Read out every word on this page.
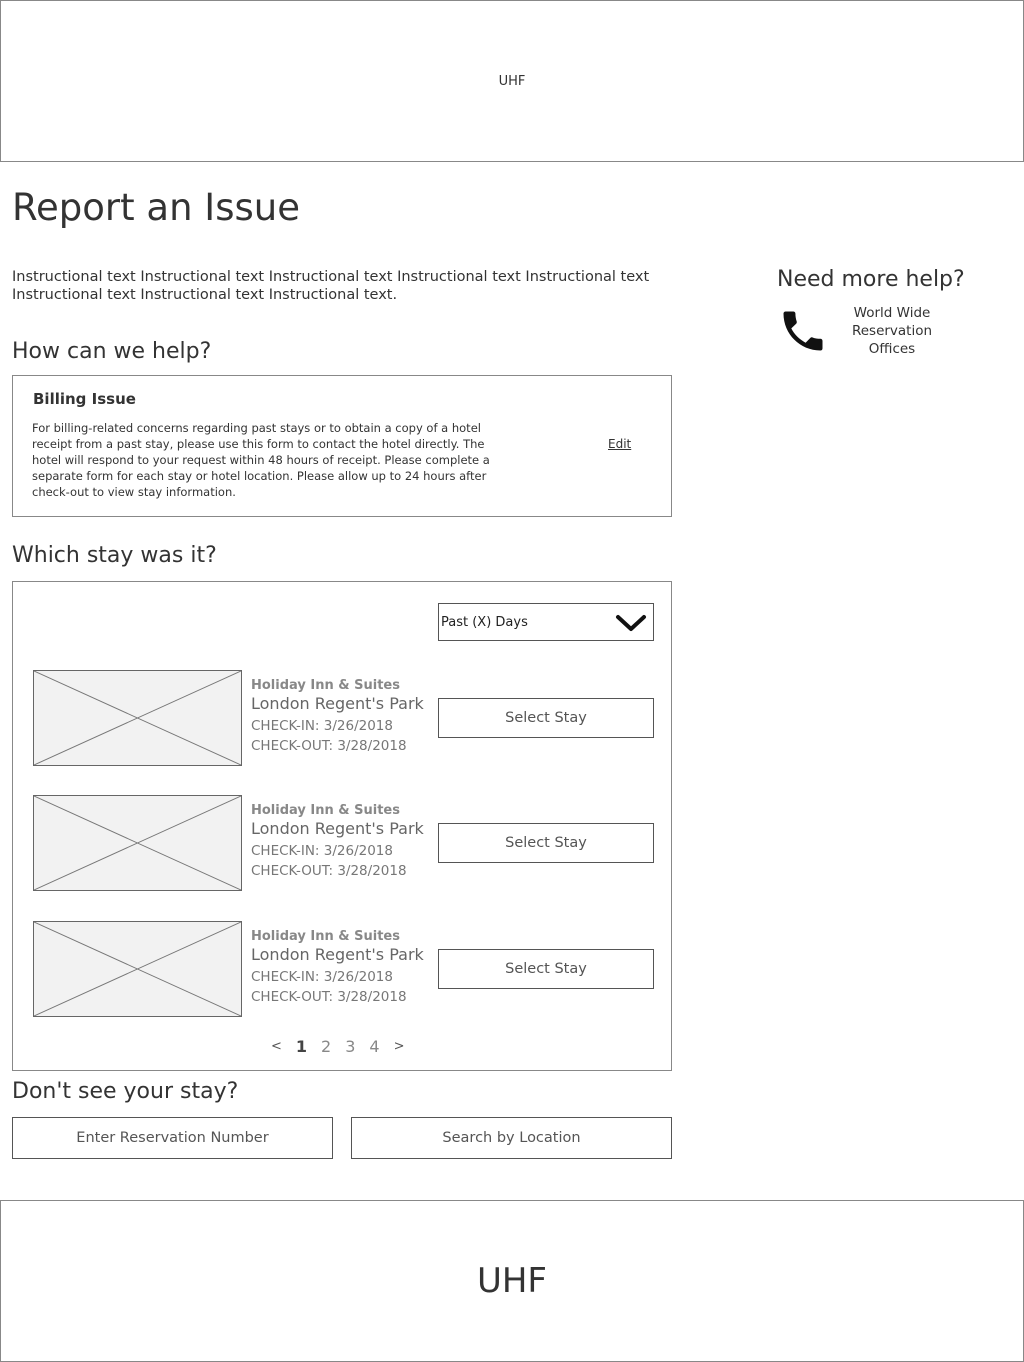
UHF
Report an Issue

Instructional text Instructional text Instructional text Instructional text Instructional text Instructional text Instructional text Instructional text.

How can we help?
Billing Issue
For billing-related concerns regarding past stays or to obtain a copy of a hotel receipt from a past stay, please use this form to contact the hotel directly. The hotel will respond to your request within 48 hours of receipt. Please complete a separate form for each stay or hotel location. Please allow up to 24 hours after check-out to view stay information.
Edit
Which stay was it?
Past (X) Days
Holiday Inn & Suites
London Regent's Park
CHECK-IN: 3/26/2018
CHECK-OUT: 3/28/2018
Select Stay
Holiday Inn & Suites
London Regent's Park
CHECK-IN: 3/26/2018
CHECK-OUT: 3/28/2018
Select Stay
Holiday Inn & Suites
London Regent's Park
CHECK-IN: 3/26/2018
CHECK-OUT: 3/28/2018
Select Stay
< 1 2 3 4 >
Don't see your stay?
Enter Reservation Number	Search by Location
Need more help?
World Wide
Reservation
Offices
UHF
